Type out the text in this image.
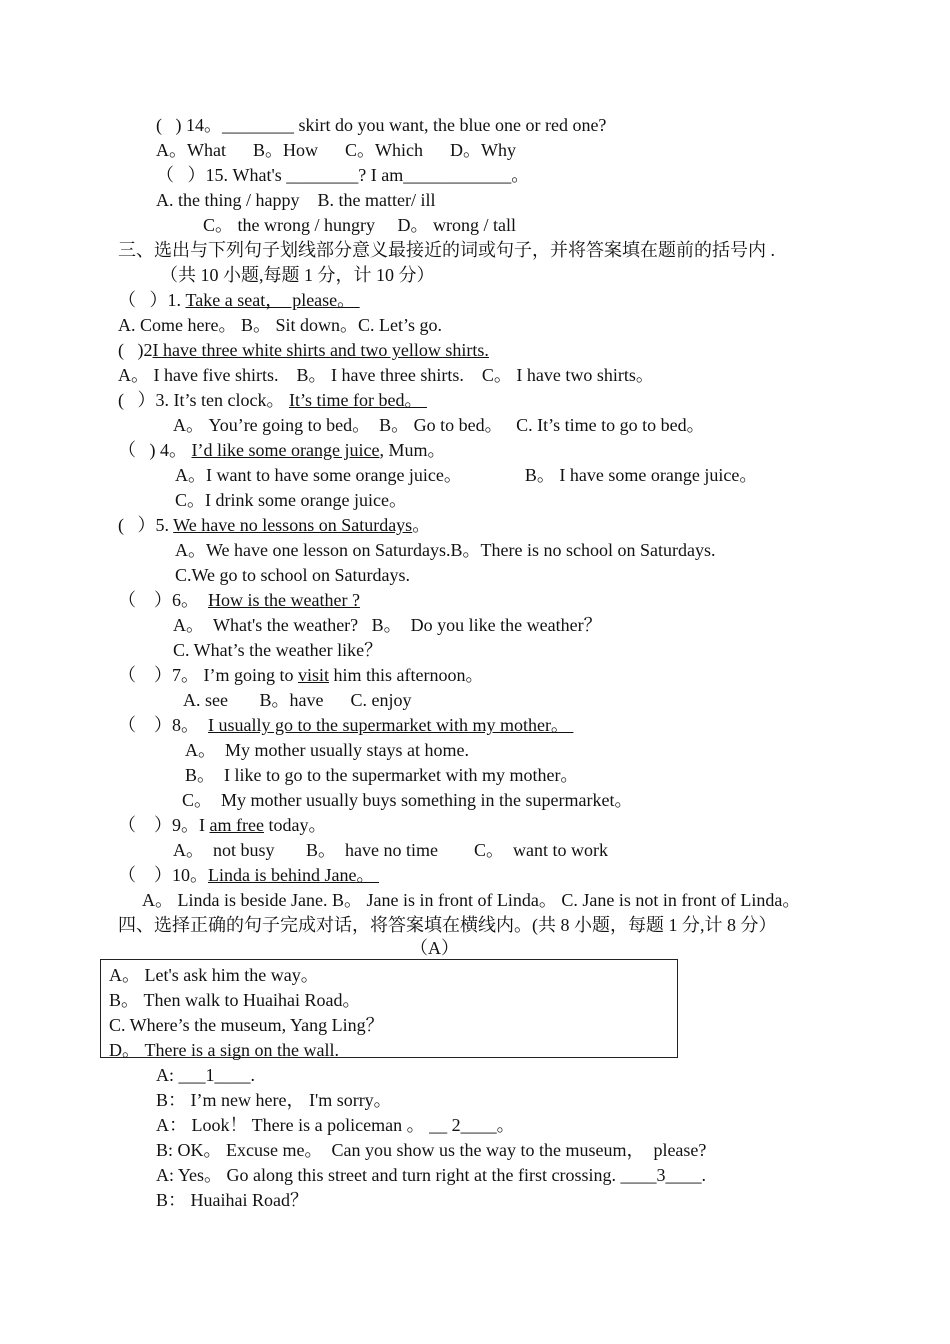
(   ) 14。________ skirt do you want, the blue one or red one?
A。What      B。How      C。Which      D。Why
（   ）15. What's ________? I am____________。
A. the thing / happy    B. the matter/ ill
C。 the wrong / hungry     D。 wrong / tall
三、选出与下列句子划线部分意义最接近的词或句子，并将答案填在题前的括号内 .
（共 10 小题,每题 1 分，计 10 分）
（   ）1. Take a seat，  please。
A. Come here。 B。 Sit down。C. Let’s go.
(   )2I have three white shirts and two yellow shirts.
A。 I have five shirts.    B。 I have three shirts.    C。 I have two shirts。
(   ）3. It’s ten clock。 It’s time for bed。
A。 You’re going to bed。  B。 Go to bed。   C. It’s time to go to bed。
（   ) 4。 I’d like some orange juice, Mum。
A。I want to have some orange juice。              B。 I have some orange juice。
C。I drink some orange juice。
(   ）5. We have no lessons on Saturdays。
A。We have one lesson on Saturdays.B。There is no school on Saturdays.
C.We go to school on Saturdays.
（    ）6。  How is the weather ?
A。  What's the weather?   B。  Do you like the weather？
C. What’s the weather like？
（    ）7。 I’m going to visit him this afternoon。
A. see       B。have      C. enjoy
（    ）8。  I usually go to the supermarket with my mother。
A。  My mother usually stays at home.
B。  I like to go to the supermarket with my mother。
C。  My mother usually buys something in the supermarket。
（    ）9。I am free today。
A。  not busy       B。  have no time        C。  want to work
（    ）10。Linda is behind Jane。
A。 Linda is beside Jane. B。 Jane is in front of Linda。 C. Jane is not in front of Linda。
四、选择正确的句子完成对话，将答案填在横线内。(共 8 小题，每题 1 分,计 8 分）
（A）
A。 Let's ask him the way。
B。 Then walk to Huaihai Road。
C. Where’s the museum, Yang Ling？
D。 There is a sign on the wall.
A: ___1____.
B： I’m new here， I'm sorry。
A： Look！ There is a policeman 。 __ 2____。
B: OK。 Excuse me。  Can you show us the way to the museum，  please?
A: Yes。 Go along this street and turn right at the first crossing. ____3____.
B： Huaihai Road？
